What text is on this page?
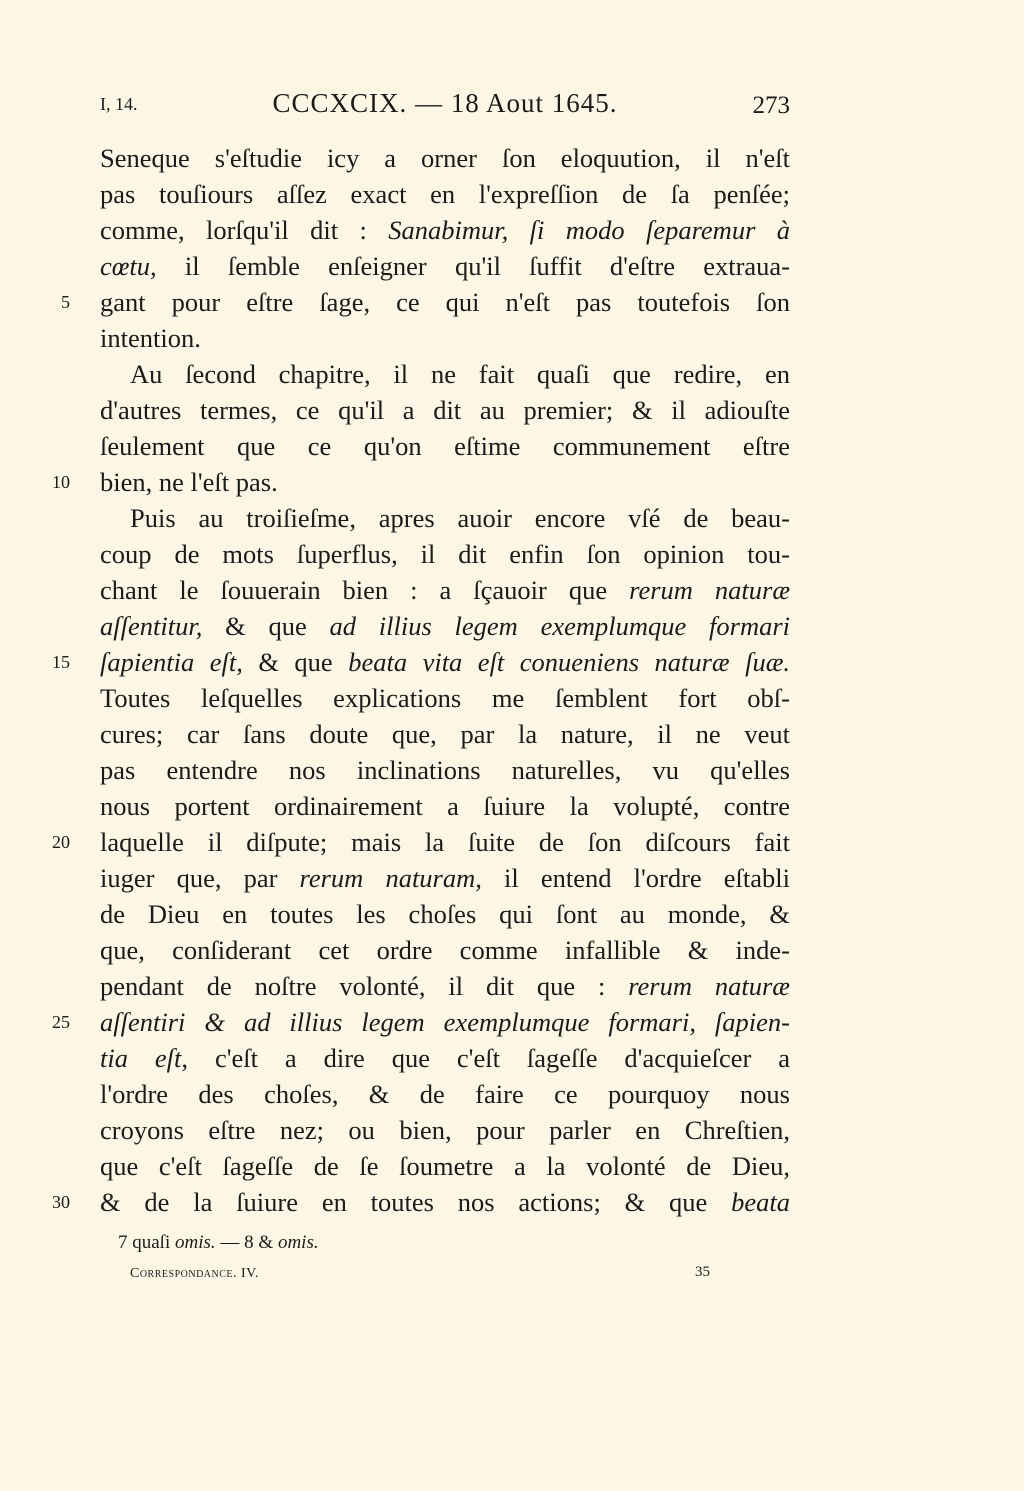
I, 14.	CCCXCIX. — 18 Aout 1645.	273
Seneque s'eſtudie icy a orner ſon eloquution, il n'eſt
pas touſiours aſſez exact en l'expreſſion de ſa penſée;
comme, lorſqu'il dit : Sanabimur, ſi modo ſeparemur à
cœtu, il ſemble enſeigner qu'il ſuffit d'eſtre extraua-
5 gant pour eſtre ſage, ce qui n'eſt pas toutefois ſon
intention.
Au ſecond chapitre, il ne fait quaſi que redire, en
d'autres termes, ce qu'il a dit au premier; & il adiouſte
ſeulement que ce qu'on eſtime communement eſtre
10 bien, ne l'eſt pas.
Puis au troiſieſme, apres auoir encore vſé de beau-
coup de mots ſuperflus, il dit enfin ſon opinion tou-
chant le ſouuerain bien : a ſçauoir que rerum naturæ
aſſentitur, & que ad illius legem exemplumque formari
15 ſapientia eſt, & que beata vita eſt conueniens naturæ ſuæ.
Toutes leſquelles explications me ſemblent fort obſ-
cures; car ſans doute que, par la nature, il ne veut
pas entendre nos inclinations naturelles, vu qu'elles
nous portent ordinairement a ſuiure la volupté, contre
20 laquelle il diſpute; mais la ſuite de ſon diſcours fait
iuger que, par rerum naturam, il entend l'ordre eſtabli
de Dieu en toutes les choſes qui ſont au monde, &
que, conſiderant cet ordre comme infallible & inde-
pendant de noſtre volonté, il dit que : rerum naturæ
25 aſſentiri & ad illius legem exemplumque formari, ſapien-
tia eſt, c'eſt a dire que c'eſt ſageſſe d'acquieſcer a
l'ordre des choſes, & de faire ce pourquoy nous
croyons eſtre nez; ou bien, pour parler en Chreſtien,
que c'eſt ſageſſe de ſe ſoumetre a la volonté de Dieu,
30 & de la ſuiure en toutes nos actions; & que beata
7 quaſi omis. — 8 & omis.
Correspondance. IV.	35
